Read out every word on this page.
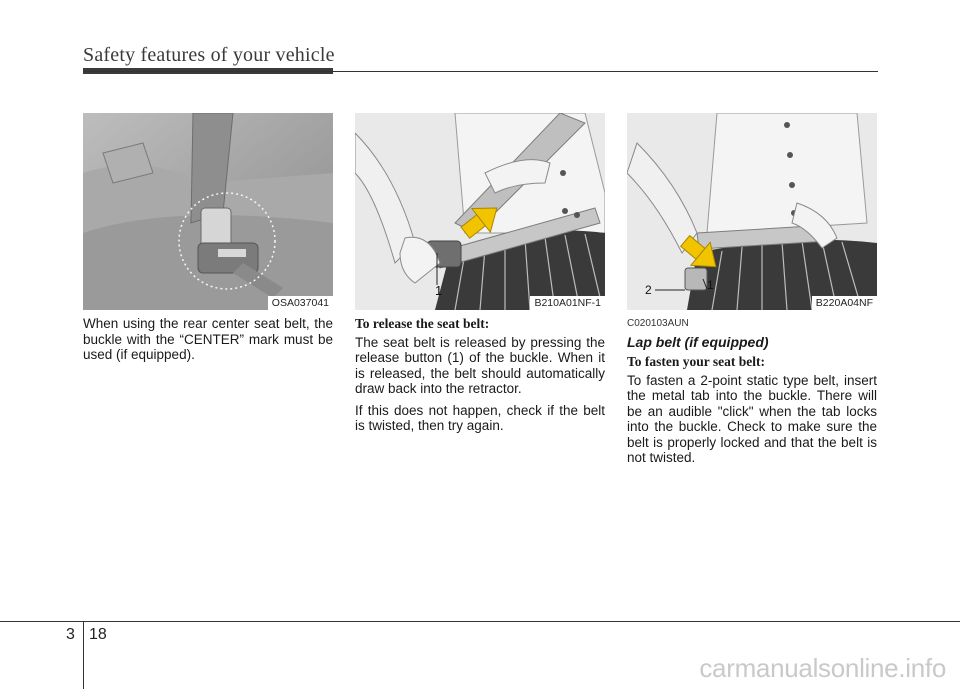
Safety features of your vehicle
OSA037041
1
B210A01NF-1
2	1
B220A04NF

When using the rear center seat belt, the buckle with the “CENTER” mark must be used (if equipped).

To release the seat belt:

The seat belt is released by pressing the release button (1) of the buckle. When it is released, the belt should automatically draw back into the retractor.

If this does not happen, check if the belt is twisted, then try again.

C020103AUN
Lap belt (if equipped)
To fasten your seat belt:

To fasten a 2-point static type belt, insert the metal tab into the buckle. There will be an audible "click" when the tab locks into the buckle. Check to make sure the belt is properly locked and that the belt is not twisted.

3 18
carmanualsonline.info
